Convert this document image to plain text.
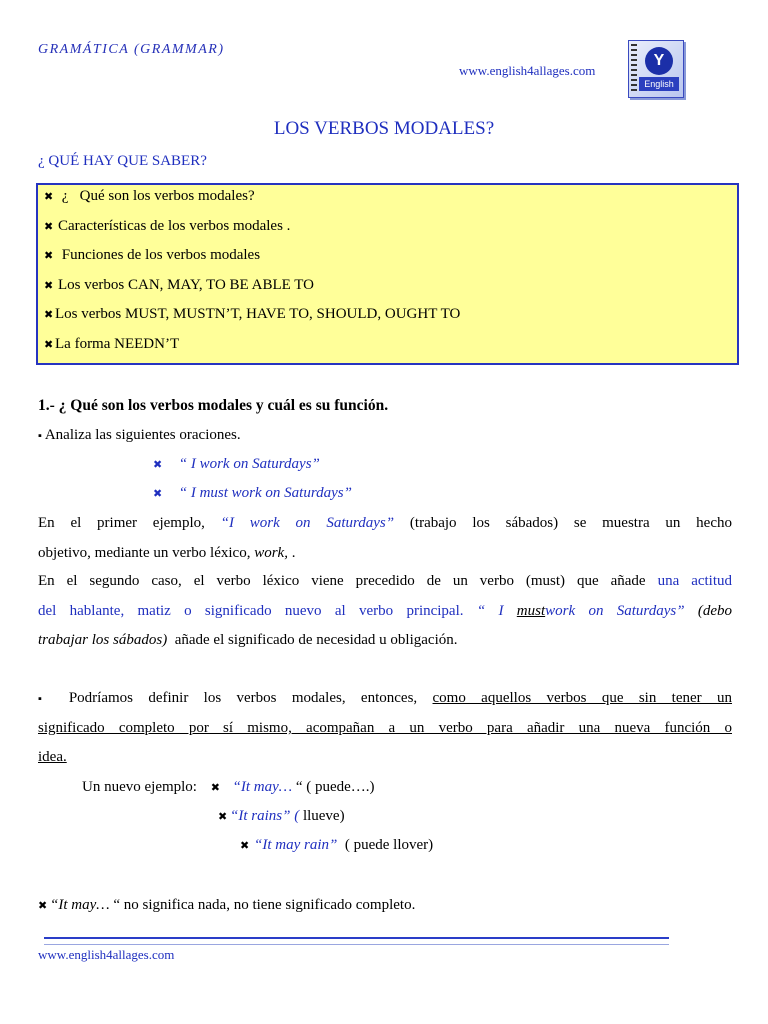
GRAMÁTICA (GRAMMAR)
www.english4allages.com
Y
English
LOS VERBOS MODALES?
¿ QUÉ HAY QUE SABER?
✖ ¿   Qué son los verbos modales?
✖ Características de los verbos modales .
✖ Funciones de los verbos modales
✖ Los verbos CAN, MAY, TO BE ABLE TO
✖ Los verbos MUST, MUSTN’T, HAVE TO, SHOULD, OUGHT TO
✖ La forma NEEDN’T
1.- ¿ Qué son los verbos modales y cuál es su función.
▪ Analiza las siguientes oraciones.
✖ “ I work on Saturdays”
✖ “ I must work on Saturdays”
En el primer ejemplo, “I work on Saturdays” (trabajo los sábados) se muestra un hecho
objetivo, mediante un verbo léxico, work, .
En el segundo caso, el verbo léxico viene precedido de un verbo (must) que añade una actitud
del hablante, matiz o significado nuevo al verbo principal. “ I mustwork on Saturdays” (debo
trabajar los sábados) añade el significado de necesidad u obligación.
▪ Podríamos definir los verbos modales, entonces, como aquellos verbos que sin tener un
significado completo por sí mismo, acompañan a un verbo para añadir una nueva función o
idea.
Un nuevo ejemplo: ✖ “It may… “ ( puede….)
✖ “It rains” ( llueve)
✖ “It may rain” ( puede llover)
✖ “It may… “ no significa nada, no tiene significado completo.
www.english4allages.com
